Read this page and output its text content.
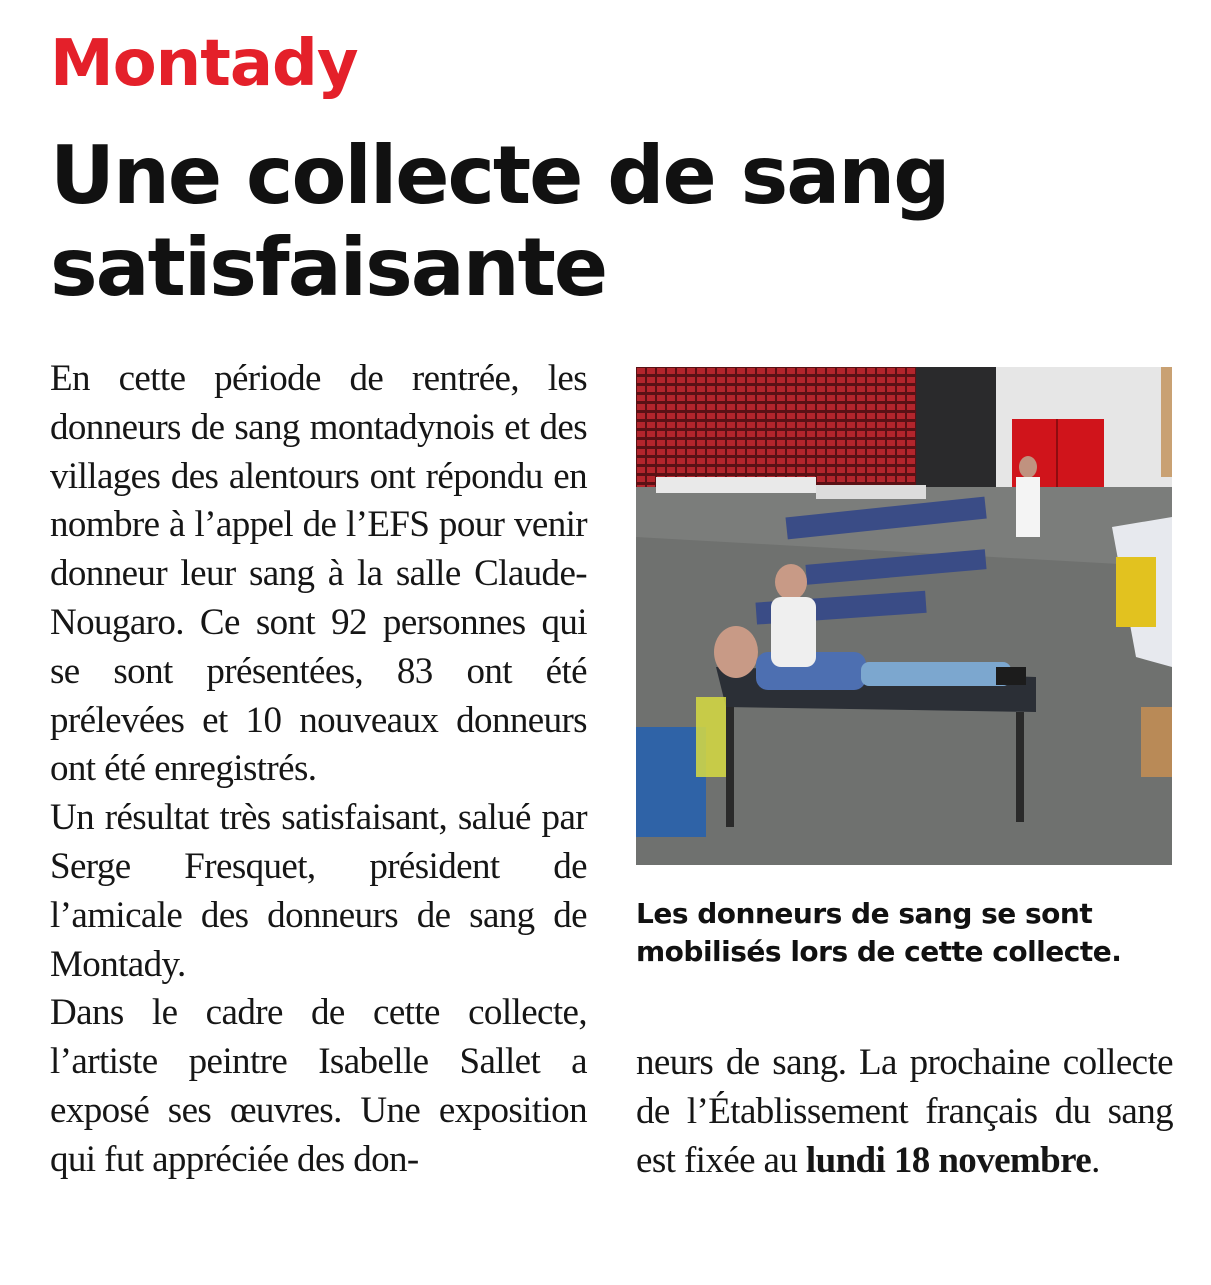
Montady
Une collecte de sang
satisfaisante

En cette période de rentrée, les donneurs de sang montadynois et des villages des alentours ont répondu en nombre à l’appel de l’EFS pour venir donneur leur sang à la salle Claude-Nougaro. Ce sont 92 personnes qui se sont présentées, 83 ont été prélevées et 10 nouveaux donneurs ont été enregistrés.

Un résultat très satisfaisant, salué par Serge Fresquet, président de l’amicale des donneurs de sang de Montady.

Dans le cadre de cette collecte, l’artiste peintre Isabelle Sallet a exposé ses œuvres. Une exposition qui fut appréciée des don-

Les donneurs de sang se sont mobilisés lors de cette collecte.

neurs de sang. La prochaine collecte de l’Établissement français du sang est fixée au lundi 18 novembre.
